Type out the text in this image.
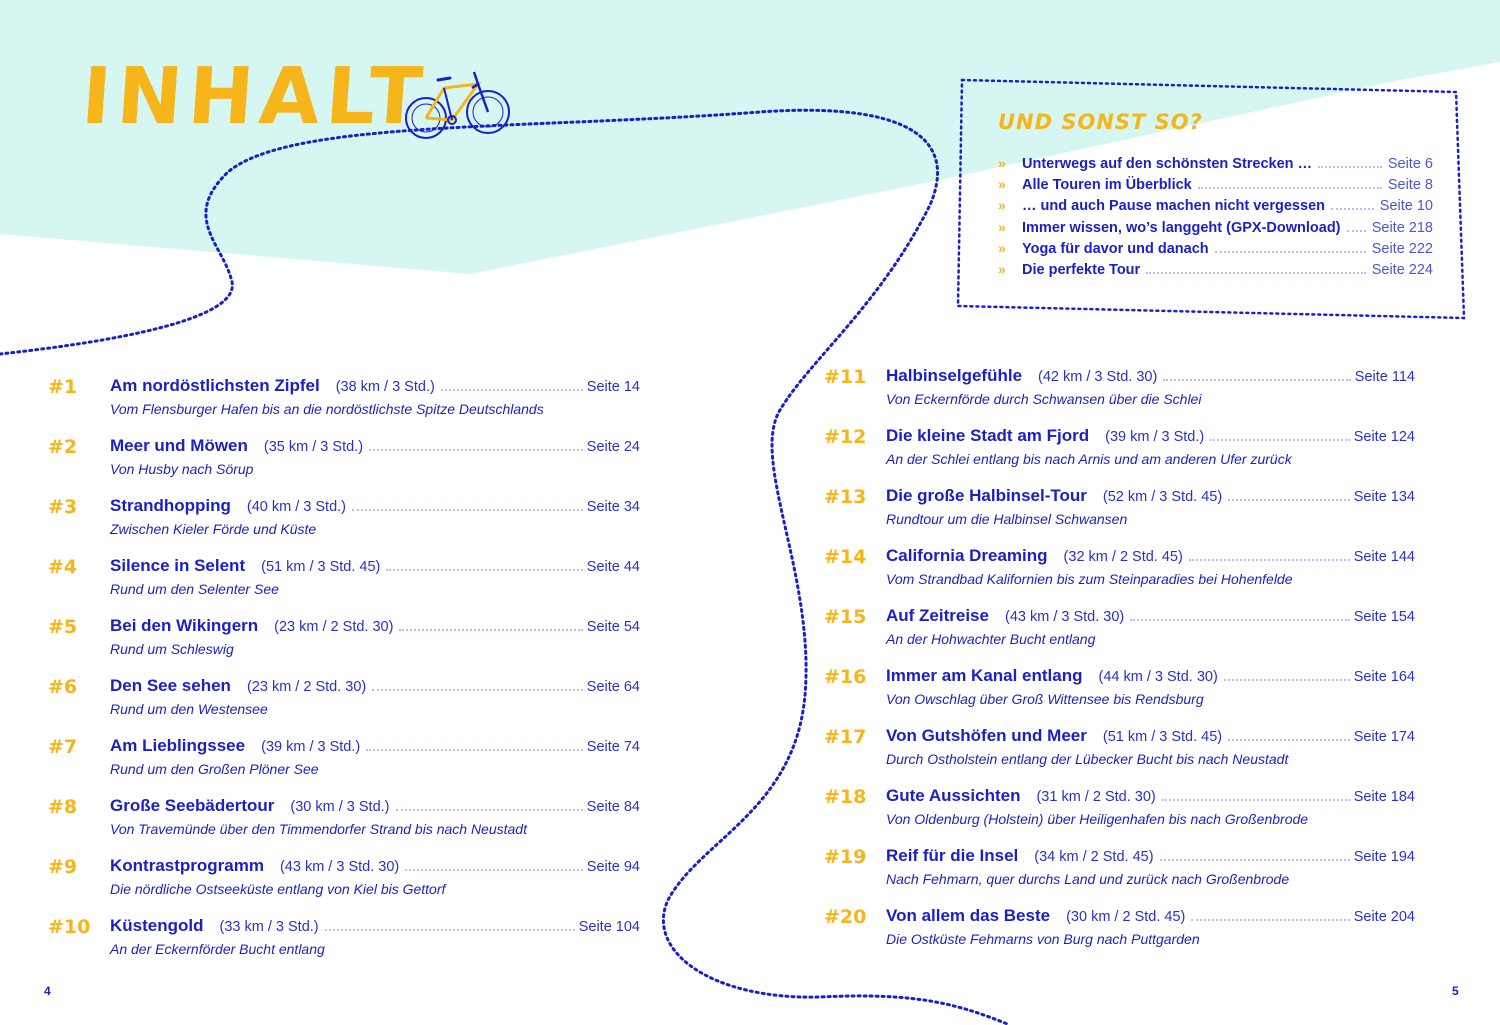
INHALT	UND SONST SO?
»	Unterwegs auf den schönsten Strecken …	Seite 6
»	Alle Touren im Überblick	Seite 8
»	… und auch Pause machen nicht vergessen	Seite 10
»	Immer wissen, wo’s langgeht (GPX-Download) Seite 218
»	Yoga für davor und danach	Seite 222
»	Die perfekte Tour	Seite 224
#1 Am nordöstlichsten Zipfel (38 km / 3 Std.)	Seite 14
Vom Flensburger Hafen bis an die nordöstlichste Spitze Deutschlands
#2 Meer und Möwen (35 km / 3 Std.)	Seite 24
Von Husby nach Sörup
#3 Strandhopping (40 km / 3 Std.)	Seite 34
Zwischen Kieler Förde und Küste
#4 Silence in Selent (51 km / 3 Std. 45)	Seite 44
Rund um den Selenter See
#5 Bei den Wikingern (23 km / 2 Std. 30)	Seite 54
Rund um Schleswig
#6 Den See sehen (23 km / 2 Std. 30)	Seite 64
Rund um den Westensee
#7 Am Lieblingssee (39 km / 3 Std.)	Seite 74
Rund um den Großen Plöner See
#8 Große Seebädertour (30 km / 3 Std.)	Seite 84
Von Travemünde über den Timmendorfer Strand bis nach Neustadt
#9 Kontrastprogramm (43 km / 3 Std. 30)	Seite 94
Die nördliche Ostseeküste entlang von Kiel bis Gettorf
#10 Küstengold (33 km / 3 Std.)	Seite 104
An der Eckernförder Bucht entlang
#11 Halbinselgefühle (42 km / 3 Std. 30)	Seite 114
Von Eckernförde durch Schwansen über die Schlei
#12 Die kleine Stadt am Fjord (39 km / 3 Std.)	Seite 124
An der Schlei entlang bis nach Arnis und am anderen Ufer zurück
#13 Die große Halbinsel-Tour (52 km / 3 Std. 45)	Seite 134
Rundtour um die Halbinsel Schwansen
#14 California Dreaming (32 km / 2 Std. 45)	Seite 144
Vom Strandbad Kalifornien bis zum Steinparadies bei Hohenfelde
#15 Auf Zeitreise (43 km / 3 Std. 30)	Seite 154
An der Hohwachter Bucht entlang
#16 Immer am Kanal entlang (44 km / 3 Std. 30)	Seite 164
Von Owschlag über Groß Wittensee bis Rendsburg
#17 Von Gutshöfen und Meer (51 km / 3 Std. 45)	Seite 174
Durch Ostholstein entlang der Lübecker Bucht bis nach Neustadt
#18 Gute Aussichten (31 km / 2 Std. 30)	Seite 184
Von Oldenburg (Holstein) über Heiligenhafen bis nach Großenbrode
#19 Reif für die Insel (34 km / 2 Std. 45)	Seite 194
Nach Fehmarn, quer durchs Land und zurück nach Großenbrode
#20 Von allem das Beste (30 km / 2 Std. 45)	Seite 204
Die Ostküste Fehmarns von Burg nach Puttgarden
4	5
